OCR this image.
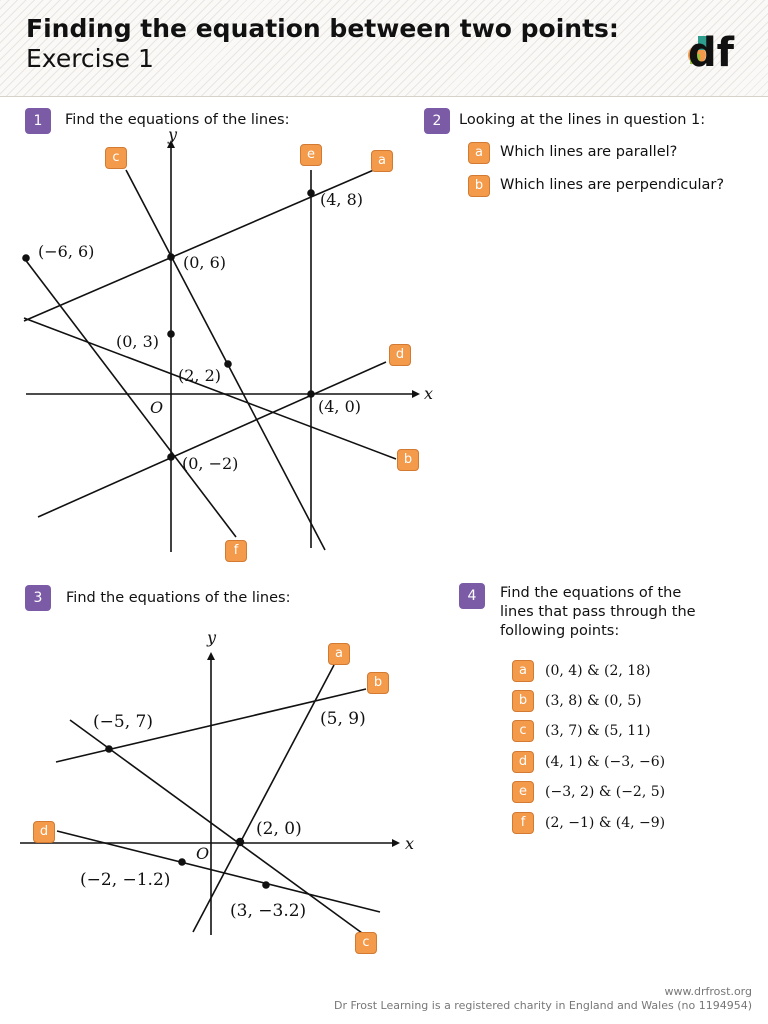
Finding the equation between two points: Exercise 1	df
1	Find the equations of the lines:
x
y
O
(−6, 6)
(4, 8)
(0, 6)
(0, 3)
(2, 2)
(4, 0)
(0, −2)
a
b
c
d
e
f
2	Looking at the lines in question 1:
a	Which lines are parallel?
b	Which lines are perpendicular?
3	Find the equations of the lines:
x
y
O
(−5, 7)	(5, 9)
(2, 0)
(−2, −1.2)
(3, −3.2)
a
b
c
d
4	Find the equations of the
lines that pass through the
following points:
a	(0, 4) & (2, 18)
b	(3, 8) & (0, 5)
c	(3, 7) & (5, 11)
d	(4, 1) & (−3, −6)
e	(−3, 2) & (−2, 5)
f	(2, −1) & (4, −9)
www.drfrost.org
Dr Frost Learning is a registered charity in England and Wales (no 1194954)
